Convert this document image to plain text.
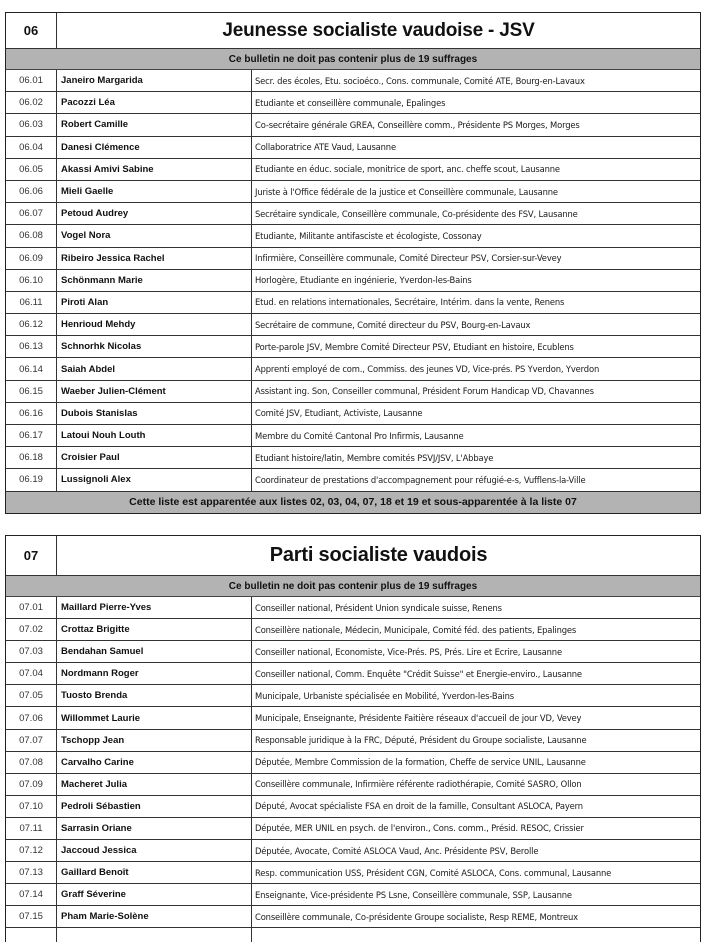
06	Jeunesse socialiste vaudoise - JSV
Ce bulletin ne doit pas contenir plus de 19 suffrages
06.01	Janeiro Margarida	Secr. des écoles, Etu. socioéco., Cons. communale, Comité ATE, Bourg-en-Lavaux
06.02	Pacozzi Léa	Etudiante et conseillère communale, Epalinges
06.03	Robert Camille	Co-secrétaire générale GREA, Conseillère comm., Présidente PS Morges, Morges
06.04	Danesi Clémence	Collaboratrice ATE Vaud, Lausanne
06.05	Akassi Amivi Sabine	Etudiante en éduc. sociale, monitrice de sport, anc. cheffe scout, Lausanne
06.06	Mieli Gaelle	Juriste à l'Office fédérale de la justice et Conseillère communale, Lausanne
06.07	Petoud Audrey	Secrétaire syndicale, Conseillère communale, Co-présidente des FSV, Lausanne
06.08	Vogel Nora	Etudiante, Militante antifasciste et écologiste, Cossonay
06.09	Ribeiro Jessica Rachel	Infirmière, Conseillère communale, Comité Directeur PSV, Corsier-sur-Vevey
06.10	Schönmann Marie	Horlogère, Etudiante en ingénierie, Yverdon-les-Bains
06.11	Piroti Alan	Etud. en relations internationales, Secrétaire, Intérim. dans la vente, Renens
06.12	Henrioud Mehdy	Secrétaire de commune, Comité directeur du PSV, Bourg-en-Lavaux
06.13	Schnorhk Nicolas	Porte-parole JSV, Membre Comité Directeur PSV, Etudiant en histoire, Ecublens
06.14	Saiah Abdel	Apprenti employé de com., Commiss. des jeunes VD, Vice-prés. PS Yverdon, Yverdon
06.15	Waeber Julien-Clément	Assistant ing. Son, Conseiller communal, Président Forum Handicap VD, Chavannes
06.16	Dubois Stanislas	Comité JSV, Etudiant, Activiste, Lausanne
06.17	Latoui Nouh Louth	Membre du Comité Cantonal Pro Infirmis, Lausanne
06.18	Croisier Paul	Etudiant histoire/latin, Membre comités PSVJ/JSV, L'Abbaye
06.19	Lussignoli Alex	Coordinateur de prestations d'accompagnement pour réfugié-e-s, Vufflens-la-Ville
Cette liste est apparentée aux listes 02, 03, 04, 07, 18 et 19 et sous-apparentée à la liste 07
07	Parti socialiste vaudois
Ce bulletin ne doit pas contenir plus de 19 suffrages
07.01	Maillard Pierre-Yves	Conseiller national, Président Union syndicale suisse, Renens
07.02	Crottaz Brigitte	Conseillère nationale, Médecin, Municipale, Comité féd. des patients, Epalinges
07.03	Bendahan Samuel	Conseiller national, Economiste, Vice-Prés. PS, Prés. Lire et Ecrire, Lausanne
07.04	Nordmann Roger	Conseiller national, Comm. Enquête "Crédit Suisse" et Energie-enviro., Lausanne
07.05	Tuosto Brenda	Municipale, Urbaniste spécialisée en Mobilité, Yverdon-les-Bains
07.06	Willommet Laurie	Municipale, Enseignante, Présidente Faitière réseaux d'accueil de jour VD, Vevey
07.07	Tschopp Jean	Responsable juridique à la FRC, Député, Président du Groupe socialiste, Lausanne
07.08	Carvalho Carine	Députée, Membre Commission de la formation, Cheffe de service UNIL, Lausanne
07.09	Macheret Julia	Conseillère communale, Infirmière référente radiothérapie, Comité SASRO, Ollon
07.10	Pedroli Sébastien	Député, Avocat spécialiste FSA en droit de la famille, Consultant ASLOCA, Payern
07.11	Sarrasin Oriane	Députée, MER UNIL en psych. de l'environ., Cons. comm., Présid. RESOC, Crissier
07.12	Jaccoud Jessica	Députée, Avocate, Comité ASLOCA Vaud, Anc. Présidente PSV, Berolle
07.13	Gaillard Benoît	Resp. communication USS, Président CGN, Comité ASLOCA, Cons. communal, Lausanne
07.14	Graff Séverine	Enseignante, Vice-présidente PS Lsne, Conseillère communale, SSP, Lausanne
07.15	Pham Marie-Solène	Conseillère communale, Co-présidente Groupe socialiste, Resp REME, Montreux
